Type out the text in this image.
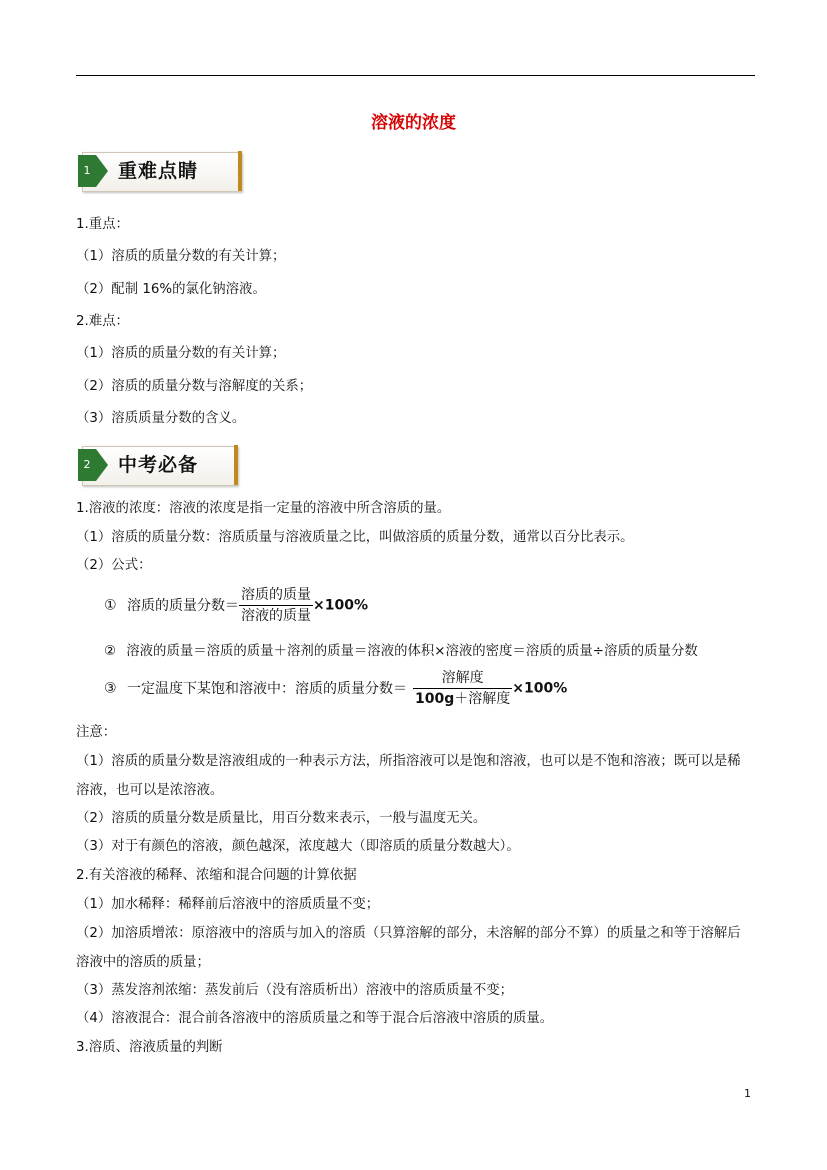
溶液的浓度
1 重难点睛
1.重点：
（1）溶质的质量分数的有关计算；
（2）配制 16%的氯化钠溶液。
2.难点：
（1）溶质的质量分数的有关计算；
（2）溶质的质量分数与溶解度的关系；
（3）溶质质量分数的含义。
2 中考必备
1.溶液的浓度：溶液的浓度是指一定量的溶液中所含溶质的量。
（1）溶质的质量分数：溶质质量与溶液质量之比，叫做溶质的质量分数，通常以百分比表示。
（2）公式：
① 溶质的质量分数＝ $\frac{\text{溶质的质量}}{\text{溶液的质量}} \times 100\%$
② 溶液的质量＝溶质的质量＋溶剂的质量＝溶液的体积×溶液的密度＝溶质的质量÷溶质的质量分数
③ 一定温度下某饱和溶液中：溶质的质量分数＝ $\frac{\text{溶解度}}{\text{100g＋溶解度}} \times 100\%$
注意：
（1）溶质的质量分数是溶液组成的一种表示方法，所指溶液可以是饱和溶液，也可以是不饱和溶液；既可以是稀溶液，也可以是浓溶液。
（2）溶质的质量分数是质量比，用百分数来表示，一般与温度无关。
（3）对于有颜色的溶液，颜色越深，浓度越大（即溶质的质量分数越大）。
2.有关溶液的稀释、浓缩和混合问题的计算依据
（1）加水稀释：稀释前后溶液中的溶质质量不变；
（2）加溶质增浓：原溶液中的溶质与加入的溶质（只算溶解的部分，未溶解的部分不算）的质量之和等于溶解后溶液中的溶质的质量；
（3）蒸发溶剂浓缩：蒸发前后（没有溶质析出）溶液中的溶质质量不变；
（4）溶液混合：混合前各溶液中的溶质质量之和等于混合后溶液中溶质的质量。
3.溶质、溶液质量的判断
1
